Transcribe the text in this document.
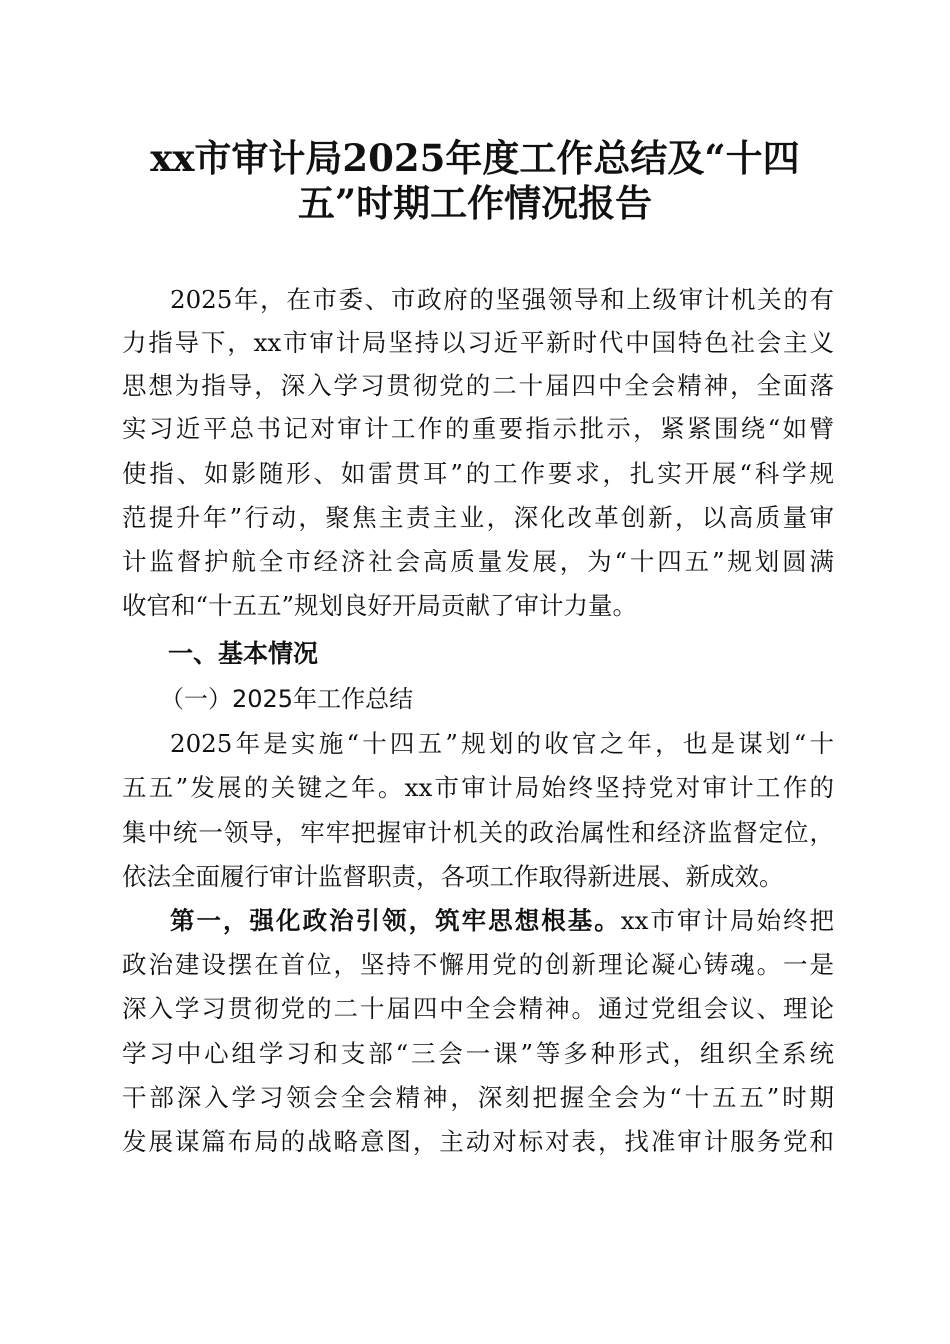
xx市审计局2025年度工作总结及“十四
五”时期工作情况报告
2025年，在市委、市政府的坚强领导和上级审计机关的有
力指导下，xx市审计局坚持以习近平新时代中国特色社会主义
思想为指导，深入学习贯彻党的二十届四中全会精神，全面落
实习近平总书记对审计工作的重要指示批示，紧紧围绕“如臂
使指、如影随形、如雷贯耳”的工作要求，扎实开展“科学规
范提升年”行动，聚焦主责主业，深化改革创新，以高质量审
计监督护航全市经济社会高质量发展，为“十四五”规划圆满
收官和“十五五”规划良好开局贡献了审计力量。
一、基本情况
（一）2025年工作总结
2025年是实施“十四五”规划的收官之年，也是谋划“十
五五”发展的关键之年。xx市审计局始终坚持党对审计工作的
集中统一领导，牢牢把握审计机关的政治属性和经济监督定位，
依法全面履行审计监督职责，各项工作取得新进展、新成效。
第一，强化政治引领，筑牢思想根基。xx市审计局始终把
政治建设摆在首位，坚持不懈用党的创新理论凝心铸魂。一是
深入学习贯彻党的二十届四中全会精神。通过党组会议、理论
学习中心组学习和支部“三会一课”等多种形式，组织全系统
干部深入学习领会全会精神，深刻把握全会为“十五五”时期
发展谋篇布局的战略意图，主动对标对表，找准审计服务党和
